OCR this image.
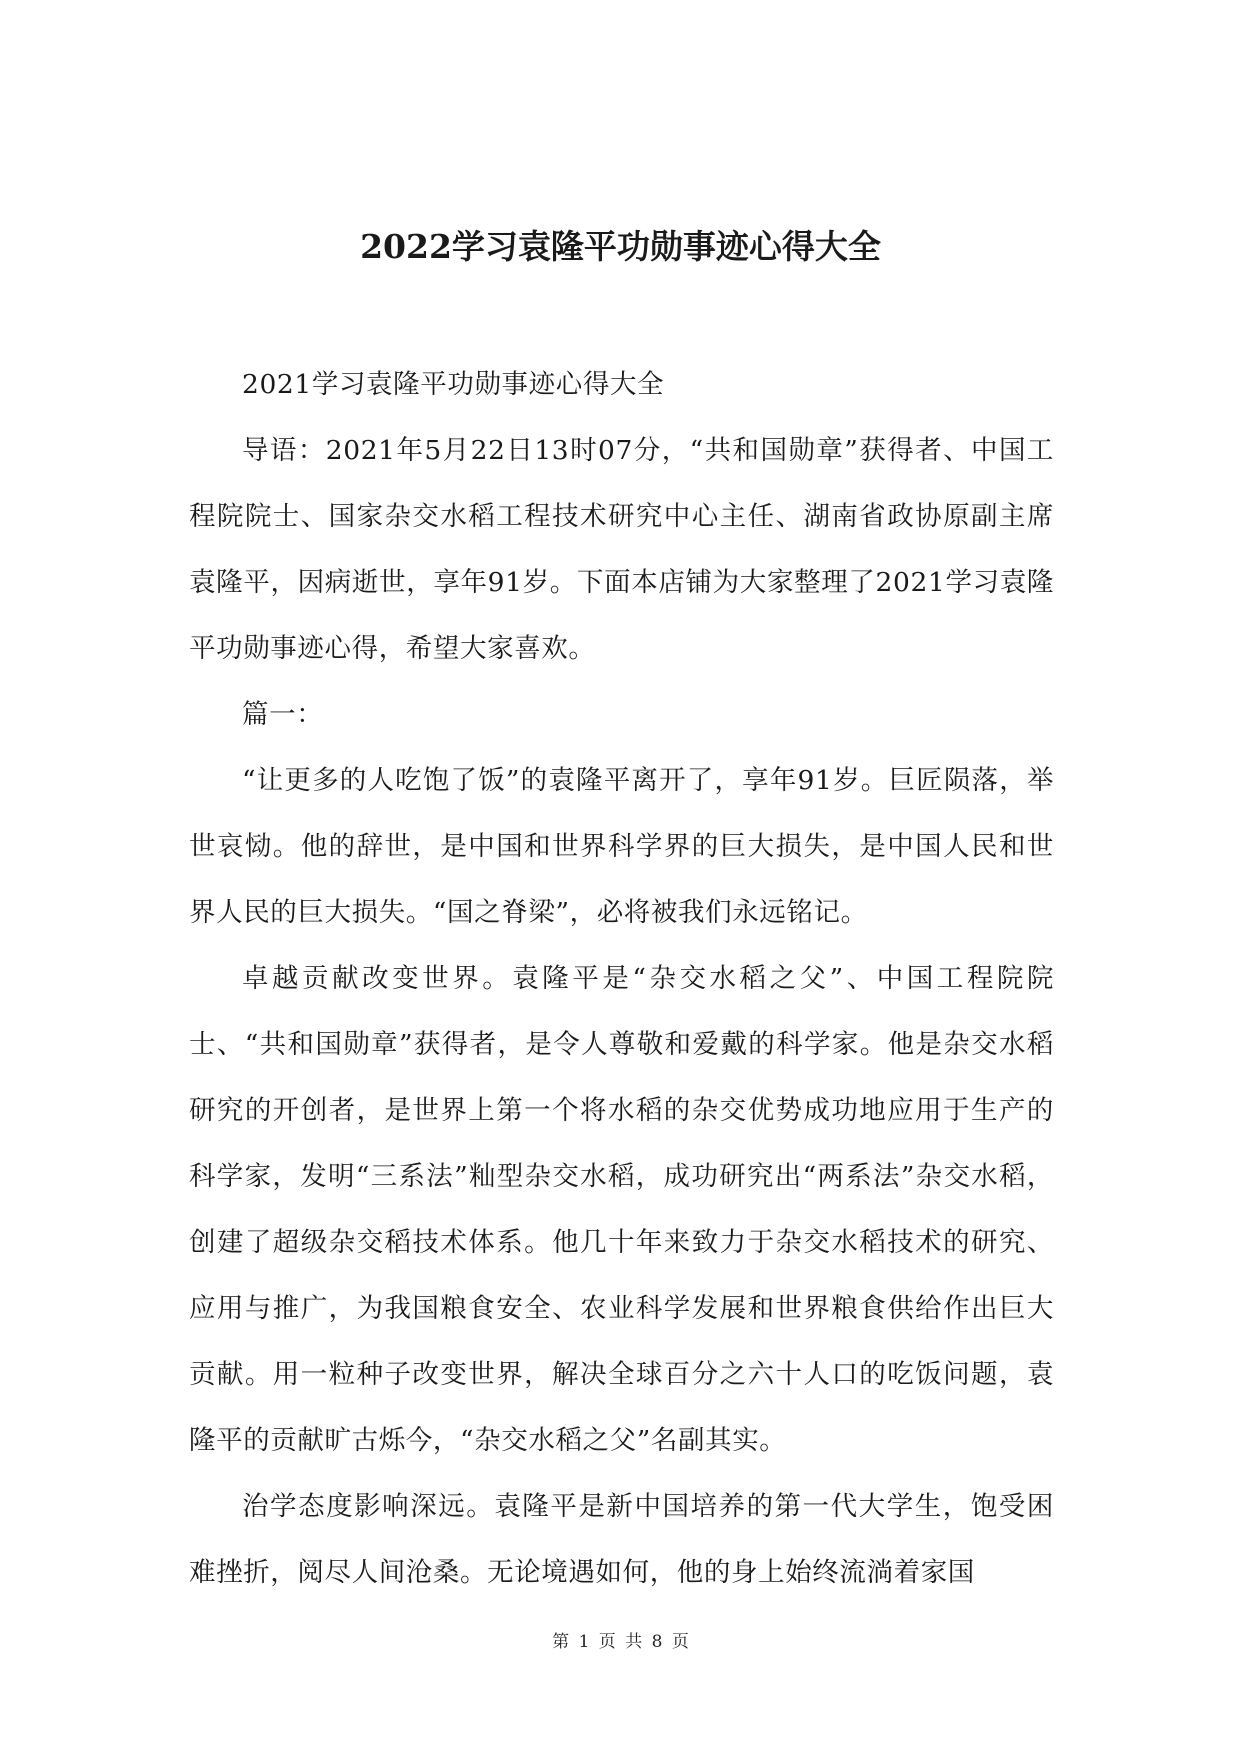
2022学习袁隆平功勋事迹心得大全

2021学习袁隆平功勋事迹心得大全

导语：2021年5月22日13时07分，“共和国勋章”获得者、中国工程院院士、国家杂交水稻工程技术研究中心主任、湖南省政协原副主席袁隆平，因病逝世，享年91岁。下面本店铺为大家整理了2021学习袁隆平功勋事迹心得，希望大家喜欢。

篇一：

“让更多的人吃饱了饭”的袁隆平离开了，享年91岁。巨匠陨落，举世哀恸。他的辞世，是中国和世界科学界的巨大损失，是中国人民和世界人民的巨大损失。“国之脊梁”，必将被我们永远铭记。

卓越贡献改变世界。袁隆平是“杂交水稻之父”、中国工程院院士、“共和国勋章”获得者，是令人尊敬和爱戴的科学家。他是杂交水稻研究的开创者，是世界上第一个将水稻的杂交优势成功地应用于生产的科学家，发明“三系法”籼型杂交水稻，成功研究出“两系法”杂交水稻，创建了超级杂交稻技术体系。他几十年来致力于杂交水稻技术的研究、应用与推广，为我国粮食安全、农业科学发展和世界粮食供给作出巨大贡献。用一粒种子改变世界，解决全球百分之六十人口的吃饭问题，袁隆平的贡献旷古烁今，“杂交水稻之父”名副其实。

治学态度影响深远。袁隆平是新中国培养的第一代大学生，饱受困难挫折，阅尽人间沧桑。无论境遇如何，他的身上始终流淌着家国

第 1 页 共 8 页
